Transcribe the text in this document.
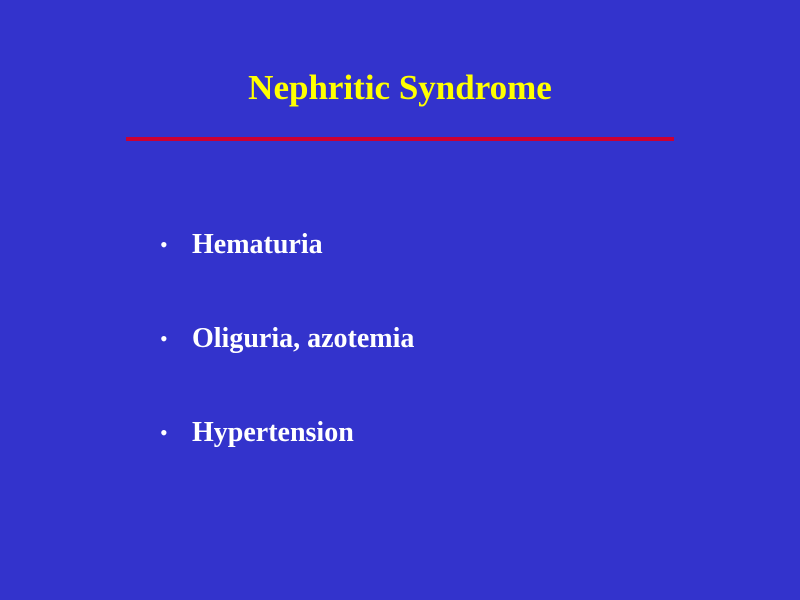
Nephritic Syndrome
• Hematuria
• Oliguria, azotemia
• Hypertension
